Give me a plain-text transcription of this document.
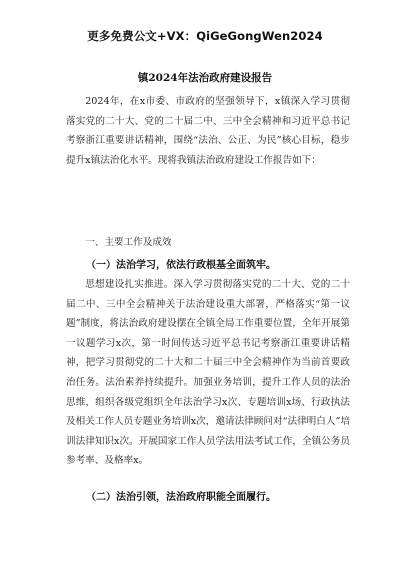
更多免费公文+VX：QiGeGongWen2024
镇2024年法治政府建设报告

2024年，在x市委、市政府的坚强领导下，x镇深入学习贯彻落实党的二十大、党的二十届二中、三中全会精神和习近平总书记考察浙江重要讲话精神，围绕“法治、公正、为民”核心目标，稳步提升x镇法治化水平。现将我镇法治政府建设工作报告如下：

一、主要工作及成效
（一）法治学习，依法行政根基全面筑牢。

思想建设扎实推进。深入学习贯彻落实党的二十大、党的二十届二中、三中全会精神关于法治建设重大部署，严格落实“第一议题”制度，将法治政府建设摆在全镇全局工作重要位置，全年开展第一议题学习x次，第一时间传达习近平总书记考察浙江重要讲话精神，把学习贯彻党的二十大和二十届三中全会精神作为当前首要政治任务。法治素养持续提升。加强业务培训，提升工作人员的法治思维，组织各级党组织全年法治学习x次、专题培训x场、行政执法及相关工作人员专题业务培训x次，邀请法律顾问对“法律明白人”培训法律知识x次。开展国家工作人员学法用法考试工作，全镇公务员参考率、及格率x。

（二）法治引领，法治政府职能全面履行。
